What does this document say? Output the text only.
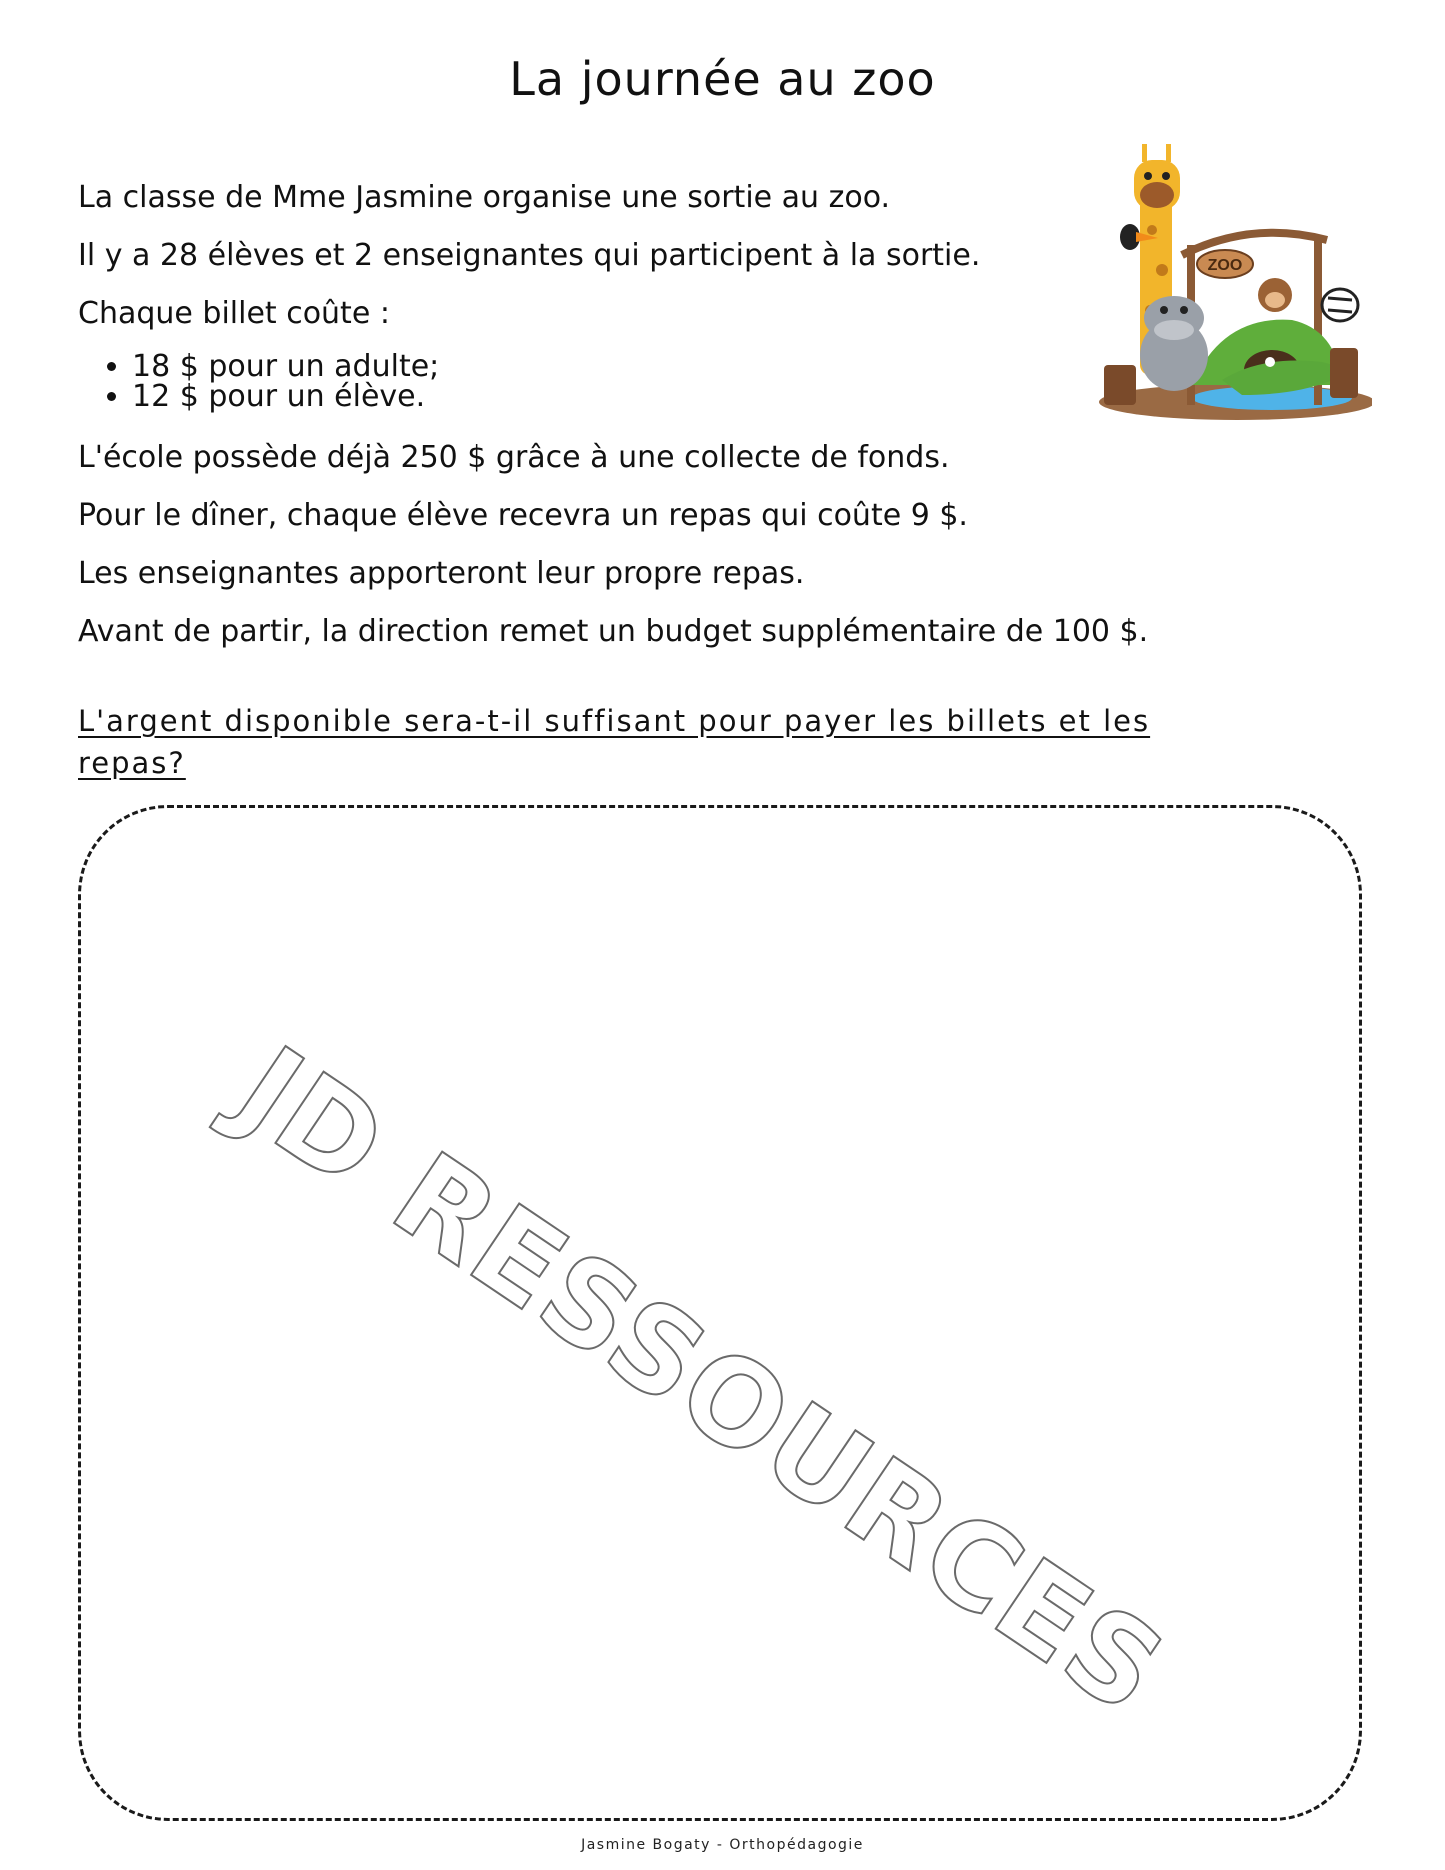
La journée au zoo
La classe de Mme Jasmine organise une sortie au zoo.
Il y a 28 élèves et 2 enseignantes qui participent à la sortie.
Chaque billet coûte :
• 18 $ pour un adulte;
• 12 $ pour un élève.
L'école possède déjà 250 $ grâce à une collecte de fonds.
Pour le dîner, chaque élève recevra un repas qui coûte 9 $.
Les enseignantes apporteront leur propre repas.
Avant de partir, la direction remet un budget supplémentaire de 100 $.
L'argent disponible sera-t-il suffisant pour payer les billets et les repas?
JD RESSOURCES
ZOO
Jasmine Bogaty - Orthopédagogie
